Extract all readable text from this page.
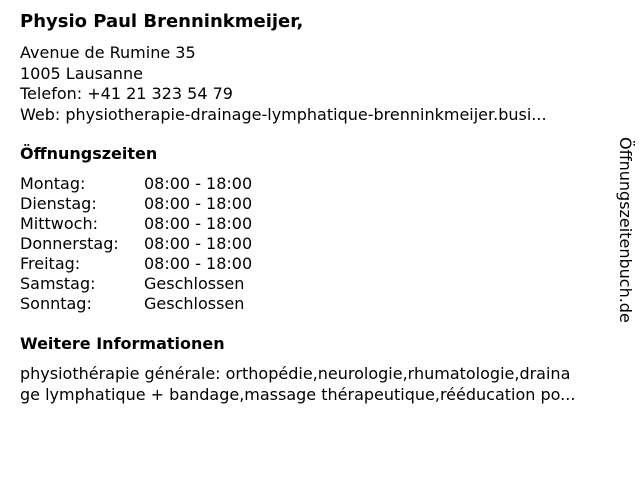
Physio Paul Brenninkmeijer,
Avenue de Rumine 35
1005 Lausanne
Telefon: +41 21 323 54 79
Web: physiotherapie-drainage-lymphatique-brenninkmeijer.busi...
Öffnungszeiten
Montag:	08:00 - 18:00
Dienstag:	08:00 - 18:00
Mittwoch:	08:00 - 18:00
Donnerstag:	08:00 - 18:00
Freitag:	08:00 - 18:00
Samstag:	Geschlossen
Sonntag:	Geschlossen
Weitere Informationen
physiothérapie générale: orthopédie,neurologie,rhumatologie,draina
ge lymphatique + bandage,massage thérapeutique,rééducation po...
Öffnungszeitenbuch.de
